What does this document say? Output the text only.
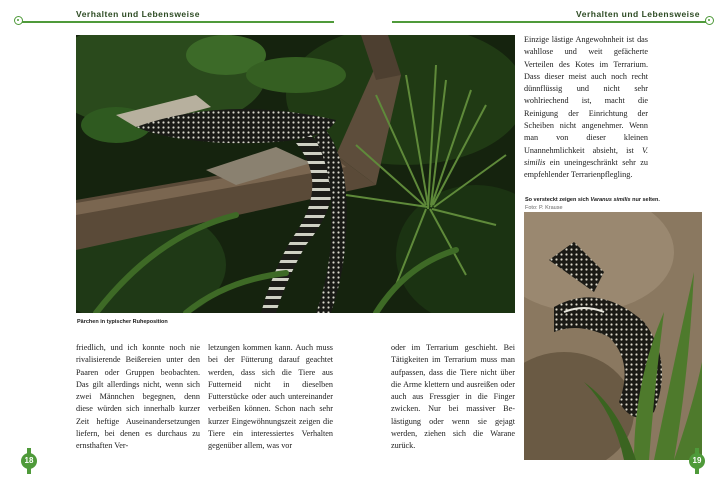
Verhalten und Lebensweise	Verhalten und Lebensweise
Pärchen in typischer Ruheposition

friedlich, und ich konnte noch nie rivalisierende Beißereien unter den Paaren oder Gruppen beobachten. Das gilt allerdings nicht, wenn sich zwei Männchen begegnen, denn diese würden sich innerhalb kurzer Zeit heftige Auseinandersetzungen liefern, bei denen es durchaus zu ernsthaften Ver-

letzungen kommen kann. Auch muss bei der Fütterung darauf geachtet werden, dass sich die Tiere aus Futterneid nicht in dieselben Futterstücke oder auch untereinander verbeißen können. Schon nach sehr kurzer Eingewöhnungszeit zeigen die Tiere ein interessiertes Verhalten gegenüber allem, was vor

oder im Terrarium geschieht. Bei Tätigkeiten im Terrarium muss man aufpassen, dass die Tiere nicht über die Arme klettern und ausreißen oder auch aus Fressgier in die Finger zwicken. Nur bei massiver Belästigung oder wenn sie gejagt werden, ziehen sich die Warane zurück.

Einzige lästige Angewohnheit ist das wahllose und weit gefächerte Verteilen des Kotes im Terrarium. Dass dieser meist auch noch recht dünnflüssig und nicht sehr wohlriechend ist, macht die Reinigung der Einrichtung der Scheiben nicht angenehmer. Wenn man von dieser kleinen Unannehmlichkeit absieht, ist V. similis ein uneingeschränkt sehr zu empfehlender Terrarienpflegling.

So versteckt zeigen sich Varanus similis nur selten.
Foto: P. Krause
18	19
